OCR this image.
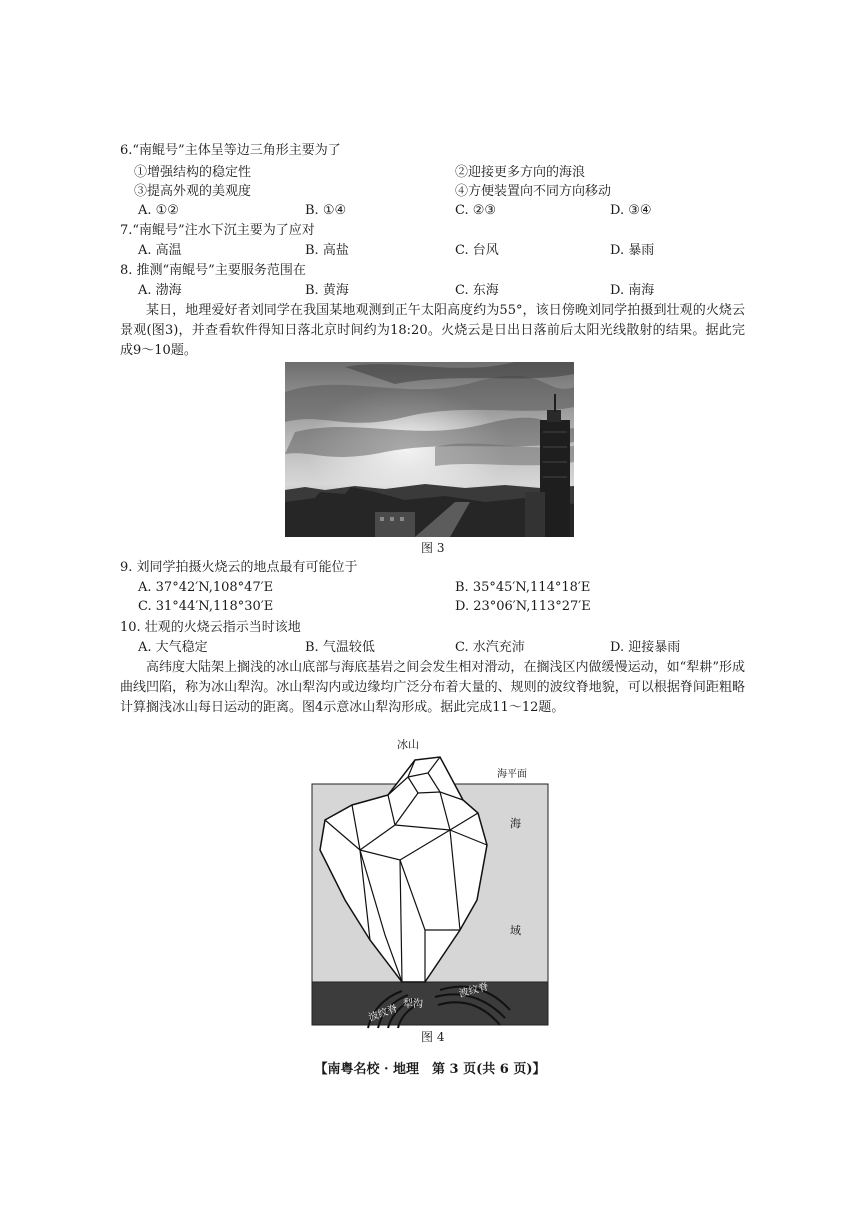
6.“南鲲号”主体呈等边三角形主要为了
①增强结构的稳定性	②迎接更多方向的海浪
③提高外观的美观度	④方便装置向不同方向移动
A. ①②	B. ①④	C. ②③	D. ③④
7.“南鲲号”注水下沉主要为了应对
A. 高温	B. 高盐	C. 台风	D. 暴雨
8. 推测“南鲲号”主要服务范围在
A. 渤海	B. 黄海	C. 东海	D. 南海
某日，地理爱好者刘同学在我国某地观测到正午太阳高度约为55°，该日傍晚刘同学拍摄到壮观的火烧云景观(图3)，并查看软件得知日落北京时间约为18:20。火烧云是日出日落前后太阳光线散射的结果。据此完成9～10题。
图 3
9. 刘同学拍摄火烧云的地点最有可能位于
A. 37°42′N,108°47′E	B. 35°45′N,114°18′E
C. 31°44′N,118°30′E	D. 23°06′N,113°27′E
10. 壮观的火烧云指示当时该地
A. 大气稳定	B. 气温较低	C. 水汽充沛	D. 迎接暴雨
高纬度大陆架上搁浅的冰山底部与海底基岩之间会发生相对滑动，在搁浅区内做缓慢运动，如“犁耕”形成曲线凹陷，称为冰山犁沟。冰山犁沟内或边缘均广泛分布着大量的、规则的波纹脊地貌，可以根据脊间距粗略计算搁浅冰山每日运动的距离。图4示意冰山犁沟形成。据此完成11～12题。
冰山
海平面
海
域
犁沟
波纹脊
波纹脊
图 4
【南粤名校 · 地理　第 3 页(共 6 页)】
